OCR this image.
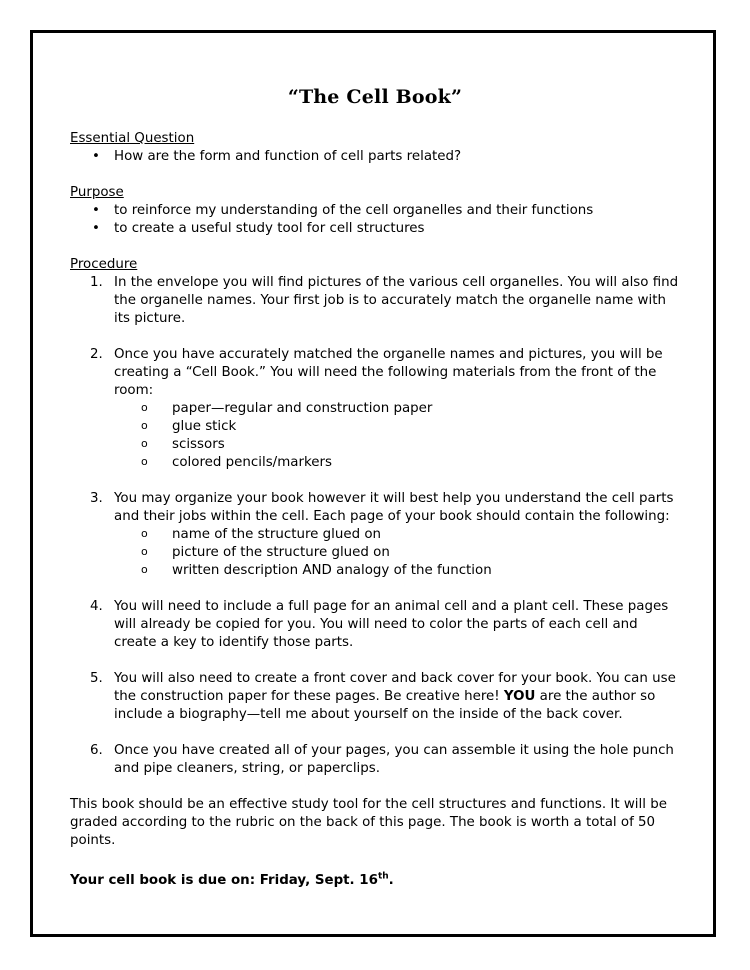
“The Cell Book”

Essential Question

• How are the form and function of cell parts related?

Purpose

• to reinforce my understanding of the cell organelles and their functions
• to create a useful study tool for cell structures

Procedure

1. In the envelope you will find pictures of the various cell organelles. You will also find the organelle names. Your first job is to accurately match the organelle name with its picture.
2. Once you have accurately matched the organelle names and pictures, you will be creating a “Cell Book.” You will need the following materials from the front of the room:
o paper—regular and construction paper
o glue stick
o scissors
o colored pencils/markers
3. You may organize your book however it will best help you understand the cell parts and their jobs within the cell. Each page of your book should contain the following:
o name of the structure glued on
o picture of the structure glued on
o written description AND analogy of the function
4. You will need to include a full page for an animal cell and a plant cell. These pages will already be copied for you. You will need to color the parts of each cell and create a key to identify those parts.
5. You will also need to create a front cover and back cover for your book. You can use the construction paper for these pages. Be creative here! YOU are the author so include a biography—tell me about yourself on the inside of the back cover.
6. Once you have created all of your pages, you can assemble it using the hole punch and pipe cleaners, string, or paperclips.

This book should be an effective study tool for the cell structures and functions. It will be graded according to the rubric on the back of this page. The book is worth a total of 50 points.

Your cell book is due on: Friday, Sept. 16th.
